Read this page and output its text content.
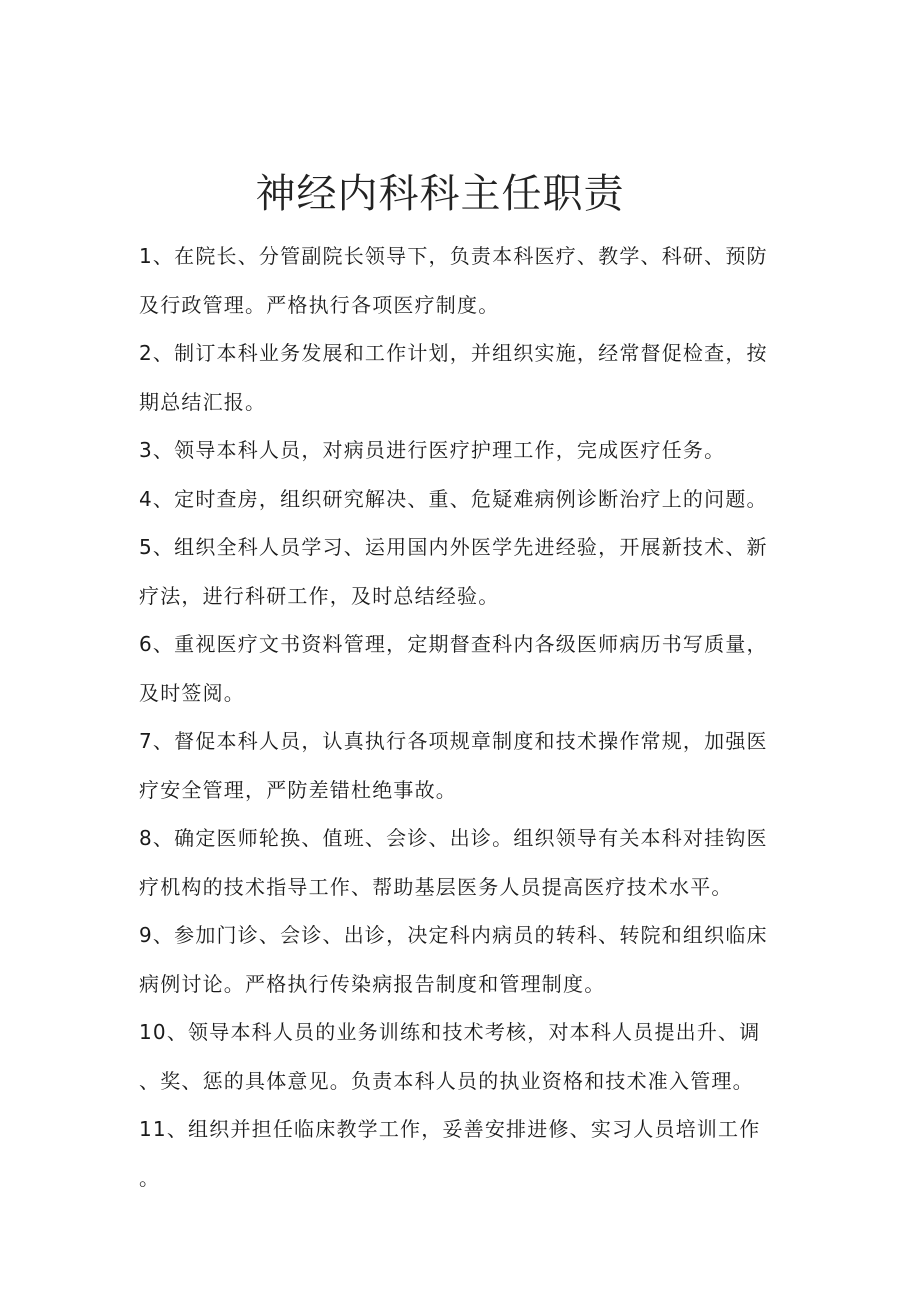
神经内科科主任职责
1、在院长、分管副院长领导下，负责本科医疗、教学、科研、预防
及行政管理。严格执行各项医疗制度。
2、制订本科业务发展和工作计划，并组织实施，经常督促检查，按
期总结汇报。
3、领导本科人员，对病员进行医疗护理工作，完成医疗任务。
4、定时查房，组织研究解决、重、危疑难病例诊断治疗上的问题。
5、组织全科人员学习、运用国内外医学先进经验，开展新技术、新
疗法，进行科研工作，及时总结经验。
6、重视医疗文书资料管理，定期督查科内各级医师病历书写质量，
及时签阅。
7、督促本科人员，认真执行各项规章制度和技术操作常规，加强医
疗安全管理，严防差错杜绝事故。
8、确定医师轮换、值班、会诊、出诊。组织领导有关本科对挂钩医
疗机构的技术指导工作、帮助基层医务人员提高医疗技术水平。
9、参加门诊、会诊、出诊，决定科内病员的转科、转院和组织临床
病例讨论。严格执行传染病报告制度和管理制度。
10、领导本科人员的业务训练和技术考核，对本科人员提出升、调
、奖、惩的具体意见。负责本科人员的执业资格和技术准入管理。
11、组织并担任临床教学工作，妥善安排进修、实习人员培训工作
。
